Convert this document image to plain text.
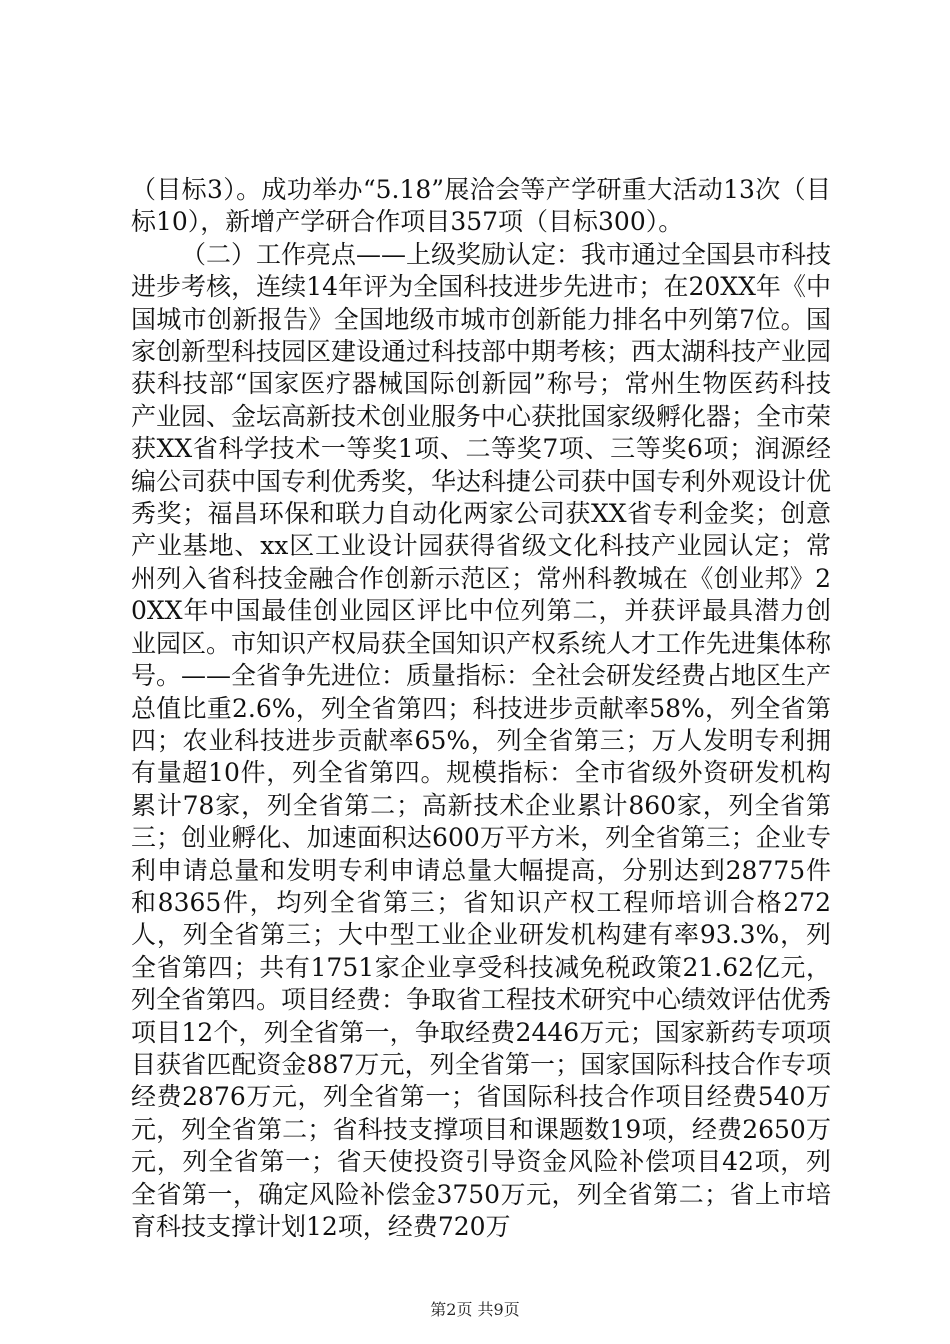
（目标3）。成功举办“5.18”展洽会等产学研重大活动13次（目标10），新增产学研合作项目357项（目标300）。

（二）工作亮点——上级奖励认定：我市通过全国县市科技进步考核，连续14年评为全国科技进步先进市；在20XX年《中国城市创新报告》全国地级市城市创新能力排名中列第7位。国家创新型科技园区建设通过科技部中期考核；西太湖科技产业园获科技部“国家医疗器械国际创新园”称号；常州生物医药科技产业园、金坛高新技术创业服务中心获批国家级孵化器；全市荣获XX省科学技术一等奖1项、二等奖7项、三等奖6项；润源经编公司获中国专利优秀奖，华达科捷公司获中国专利外观设计优秀奖；福昌环保和联力自动化两家公司获XX省专利金奖；创意产业基地、xx区工业设计园获得省级文化科技产业园认定；常州列入省科技金融合作创新示范区；常州科教城在《创业邦》20XX年中国最佳创业园区评比中位列第二，并获评最具潜力创业园区。市知识产权局获全国知识产权系统人才工作先进集体称号。——全省争先进位：质量指标：全社会研发经费占地区生产总值比重2.6%，列全省第四；科技进步贡献率58%，列全省第四；农业科技进步贡献率65%，列全省第三；万人发明专利拥有量超10件，列全省第四。规模指标：全市省级外资研发机构累计78家，列全省第二；高新技术企业累计860家，列全省第三；创业孵化、加速面积达600万平方米，列全省第三；企业专利申请总量和发明专利申请总量大幅提高，分别达到28775件和8365件，均列全省第三；省知识产权工程师培训合格272人，列全省第三；大中型工业企业研发机构建有率93.3%，列全省第四；共有1751家企业享受科技减免税政策21.62亿元，列全省第四。项目经费：争取省工程技术研究中心绩效评估优秀项目12个，列全省第一，争取经费2446万元；国家新药专项项目获省匹配资金887万元，列全省第一；国家国际科技合作专项经费2876万元，列全省第一；省国际科技合作项目经费540万元，列全省第二；省科技支撑项目和课题数19项，经费2650万元，列全省第一；省天使投资引导资金风险补偿项目42项，列全省第一，确定风险补偿金3750万元，列全省第二；省上市培育科技支撑计划12项，经费720万

第2页 共9页
